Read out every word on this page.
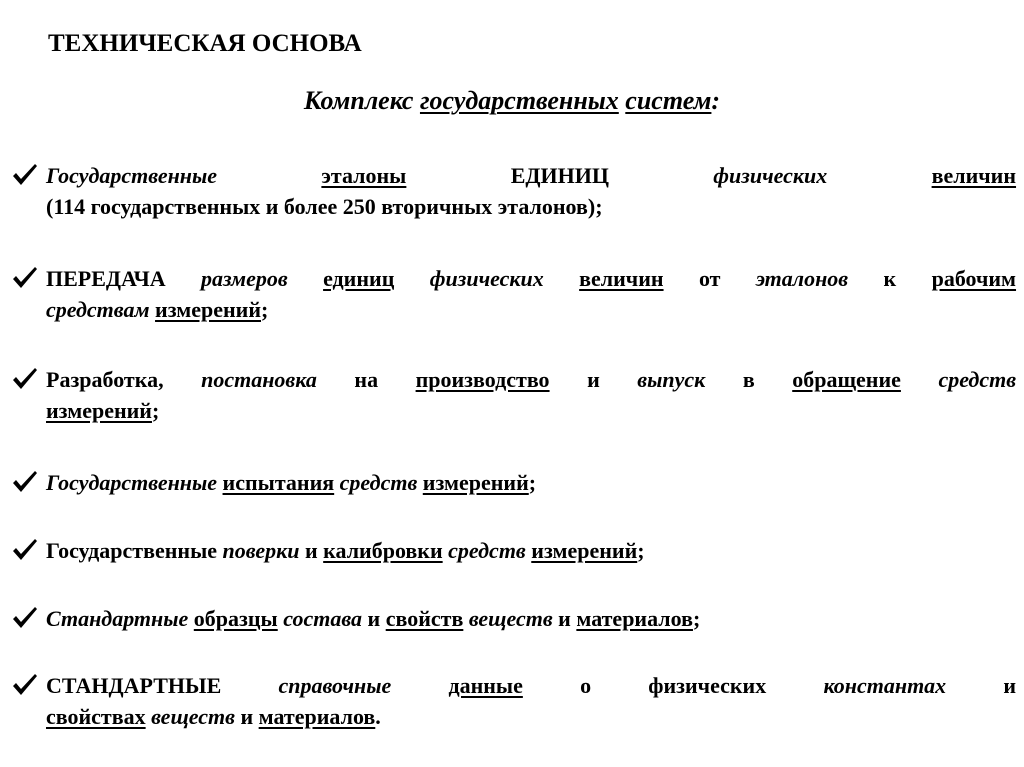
ТЕХНИЧЕСКАЯ ОСНОВА
Комплекс государственных систем:
Государственные	эталоны	ЕДИНИЦ	физических	величин
(114 государственных и более 250 вторичных эталонов);
ПЕРЕДАЧА размеров единиц физических величин от эталонов к рабочим
средствам измерений;
Разработка, постановка на производство и выпуск в обращение средств
измерений;
Государственные испытания средств измерений;
Государственные поверки и калибровки средств измерений;
Стандартные образцы состава и свойств веществ и материалов;
СТАНДАРТНЫЕ	справочные	данные	о	физических	константах	и
свойствах веществ и материалов.
